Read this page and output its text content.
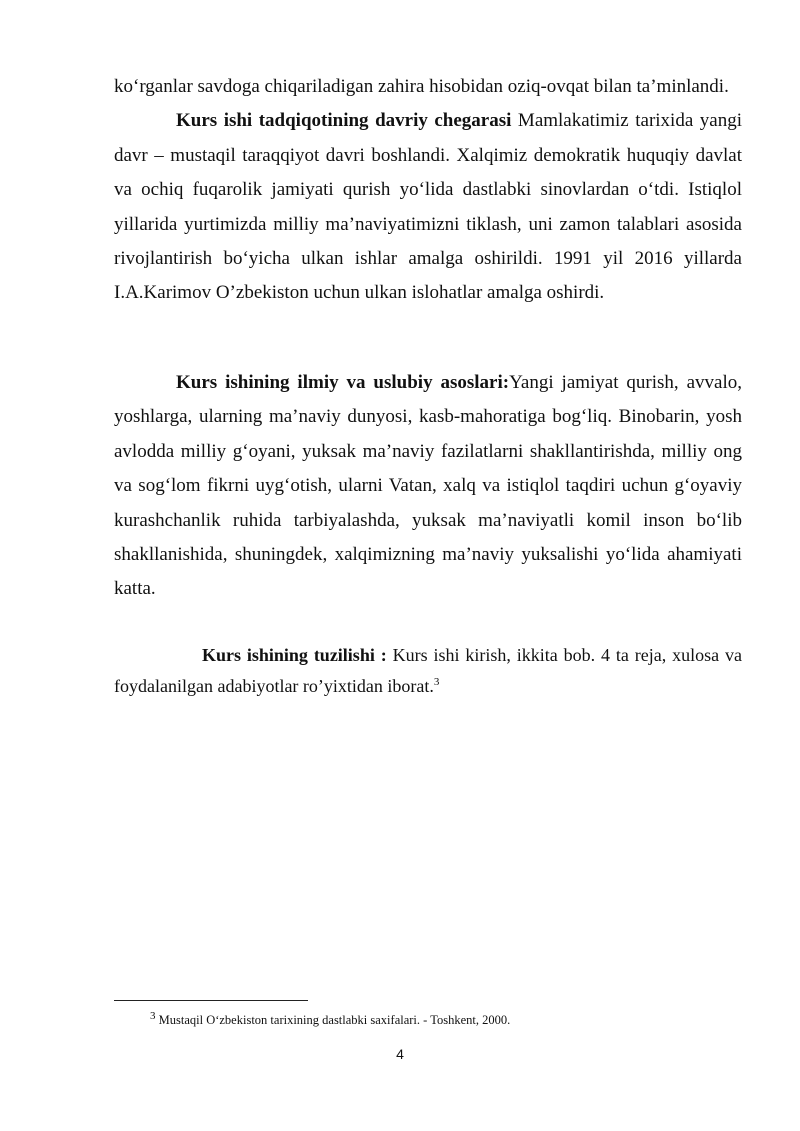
ko‘rganlar savdoga chiqariladigan zahira hisobidan oziq-ovqat bilan ta’minlandi.

Kurs ishi tadqiqotining davriy chegarasi Mamlakatimiz tarixida yangi davr – mustaqil taraqqiyot davri boshlandi. Xalqimiz demokratik huquqiy davlat va ochiq fuqarolik jamiyati qurish yo‘lida dastlabki sinovlardan o‘tdi. Istiqlol yillarida yurtimizda milliy ma’naviyatimizni tiklash, uni zamon talablari asosida rivojlantirish bo‘yicha ulkan ishlar amalga oshirildi. 1991 yil 2016 yillarda I.A.Karimov O’zbekiston uchun ulkan islohatlar amalga oshirdi.

Kurs ishining ilmiy va uslubiy asoslari:Yangi jamiyat qurish, avvalo, yoshlarga, ularning ma’naviy dunyosi, kasb-mahoratiga bog‘liq. Binobarin, yosh avlodda milliy g‘oyani, yuksak ma’naviy fazilatlarni shakllantirishda, milliy ong va sog‘lom fikrni uyg‘otish, ularni Vatan, xalq va istiqlol taqdiri uchun g‘oyaviy kurashchanlik ruhida tarbiyalashda, yuksak ma’naviyatli komil inson bo‘lib shakllanishida, shuningdek, xalqimizning ma’naviy yuksalishi yo‘lida ahamiyati katta.

Kurs ishining tuzilishi : Kurs ishi kirish, ikkita bob. 4 ta reja, xulosa va foydalanilgan adabiyotlar ro’yixtidan iborat.$^3$

3 Mustaqil O‘zbekiston tarixining dastlabki saxifalari. - Toshkent, 2000.
4
